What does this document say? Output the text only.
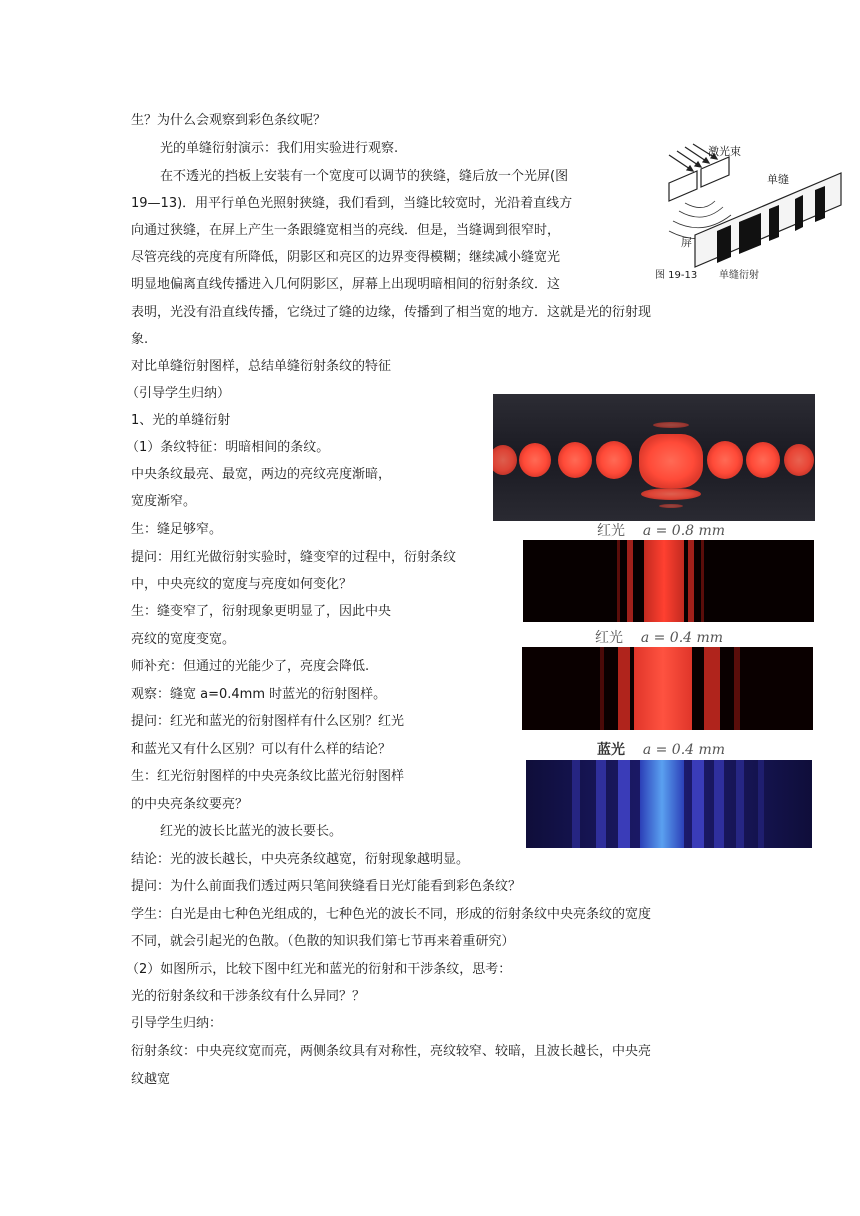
生？为什么会观察到彩色条纹呢？
光的单缝衍射演示：我们用实验进行观察.
在不透光的挡板上安装有一个宽度可以调节的狭缝，缝后放一个光屏(图
19—13)．用平行单色光照射狭缝，我们看到，当缝比较宽时，光沿着直线方
向通过狭缝，在屏上产生一条跟缝宽相当的亮线．但是，当缝调到很窄时，
尽管亮线的亮度有所降低，阴影区和亮区的边界变得模糊；继续减小缝宽光
明显地偏离直线传播进入几何阴影区，屏幕上出现明暗相间的衍射条纹．这
表明，光没有沿直线传播，它绕过了缝的边缘，传播到了相当宽的地方．这就是光的衍射现
象.
对比单缝衍射图样，总结单缝衍射条纹的特征
（引导学生归纳）
1、光的单缝衍射
（1）条纹特征：明暗相间的条纹。
中央条纹最亮、最宽，两边的亮纹亮度渐暗，
宽度渐窄。
生：缝足够窄。
提问：用红光做衍射实验时，缝变窄的过程中，衍射条纹
中，中央亮纹的宽度与亮度如何变化？
生：缝变窄了，衍射现象更明显了，因此中央
亮纹的宽度变宽。
师补充：但通过的光能少了，亮度会降低.
观察：缝宽 a=0.4mm 时蓝光的衍射图样。
提问：红光和蓝光的衍射图样有什么区别？红光
和蓝光又有什么区别？可以有什么样的结论？
生：红光衍射图样的中央亮条纹比蓝光衍射图样
的中央亮条纹要亮？
红光的波长比蓝光的波长要长。
结论：光的波长越长，中央亮条纹越宽，衍射现象越明显。
提问：为什么前面我们透过两只笔间狭缝看日光灯能看到彩色条纹？
学生：白光是由七种色光组成的，七种色光的波长不同，形成的衍射条纹中央亮条纹的宽度
不同，就会引起光的色散。（色散的知识我们第七节再来着重研究）
（2）如图所示，比较下图中红光和蓝光的衍射和干涉条纹，思考：
光的衍射条纹和干涉条纹有什么异同？？
引导学生归纳：
衍射条纹：中央亮纹宽而亮，两侧条纹具有对称性，亮纹较窄、较暗，且波长越长，中央亮
纹越宽
激光束
单缝
屏
图 19-13 单缝衍射
红光 a = 0.8 mm
红光 a = 0.4 mm
蓝光 a = 0.4 mm
